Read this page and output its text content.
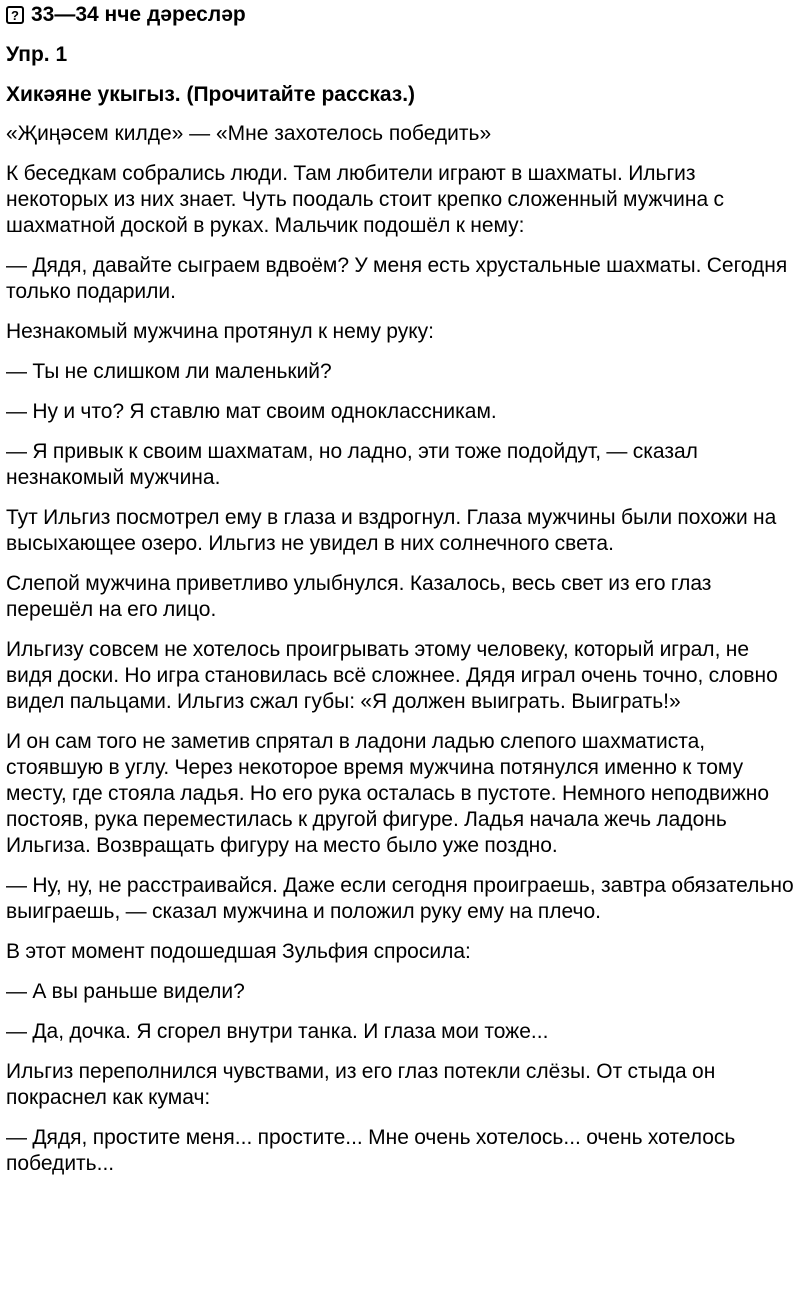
? 33—34 нче дәресләр
Упр. 1
Хикәяне укыгыз. (Прочитайте рассказ.)
«Җиңәсем килде» — «Мне захотелось победить»

К беседкам собрались люди. Там любители играют в шахматы. Ильгиз некоторых из них знает. Чуть поодаль стоит крепко сложенный мужчина с шахматной доской в руках. Мальчик подошёл к нему:

— Дядя, давайте сыграем вдвоём? У меня есть хрустальные шахматы. Сегодня только подарили.

Незнакомый мужчина протянул к нему руку:

— Ты не слишком ли маленький?

— Ну и что? Я ставлю мат своим одноклассникам.

— Я привык к своим шахматам, но ладно, эти тоже подойдут, — сказал незнакомый мужчина.

Тут Ильгиз посмотрел ему в глаза и вздрогнул. Глаза мужчины были похожи на высыхающее озеро. Ильгиз не увидел в них солнечного света.

Слепой мужчина приветливо улыбнулся. Казалось, весь свет из его глаз перешёл на его лицо.

Ильгизу совсем не хотелось проигрывать этому человеку, который играл, не видя доски. Но игра становилась всё сложнее. Дядя играл очень точно, словно видел пальцами. Ильгиз сжал губы: «Я должен выиграть. Выиграть!»

И он сам того не заметив спрятал в ладони ладью слепого шахматиста, стоявшую в углу. Через некоторое время мужчина потянулся именно к тому месту, где стояла ладья. Но его рука осталась в пустоте. Немного неподвижно постояв, рука переместилась к другой фигуре. Ладья начала жечь ладонь Ильгиза. Возвращать фигуру на место было уже поздно.

— Ну, ну, не расстраивайся. Даже если сегодня проиграешь, завтра обязательно выиграешь, — сказал мужчина и положил руку ему на плечо.

В этот момент подошедшая Зульфия спросила:

— А вы раньше видели?

— Да, дочка. Я сгорел внутри танка. И глаза мои тоже...

Ильгиз переполнился чувствами, из его глаз потекли слёзы. От стыда он покраснел как кумач:

— Дядя, простите меня... простите... Мне очень хотелось... очень хотелось победить...
